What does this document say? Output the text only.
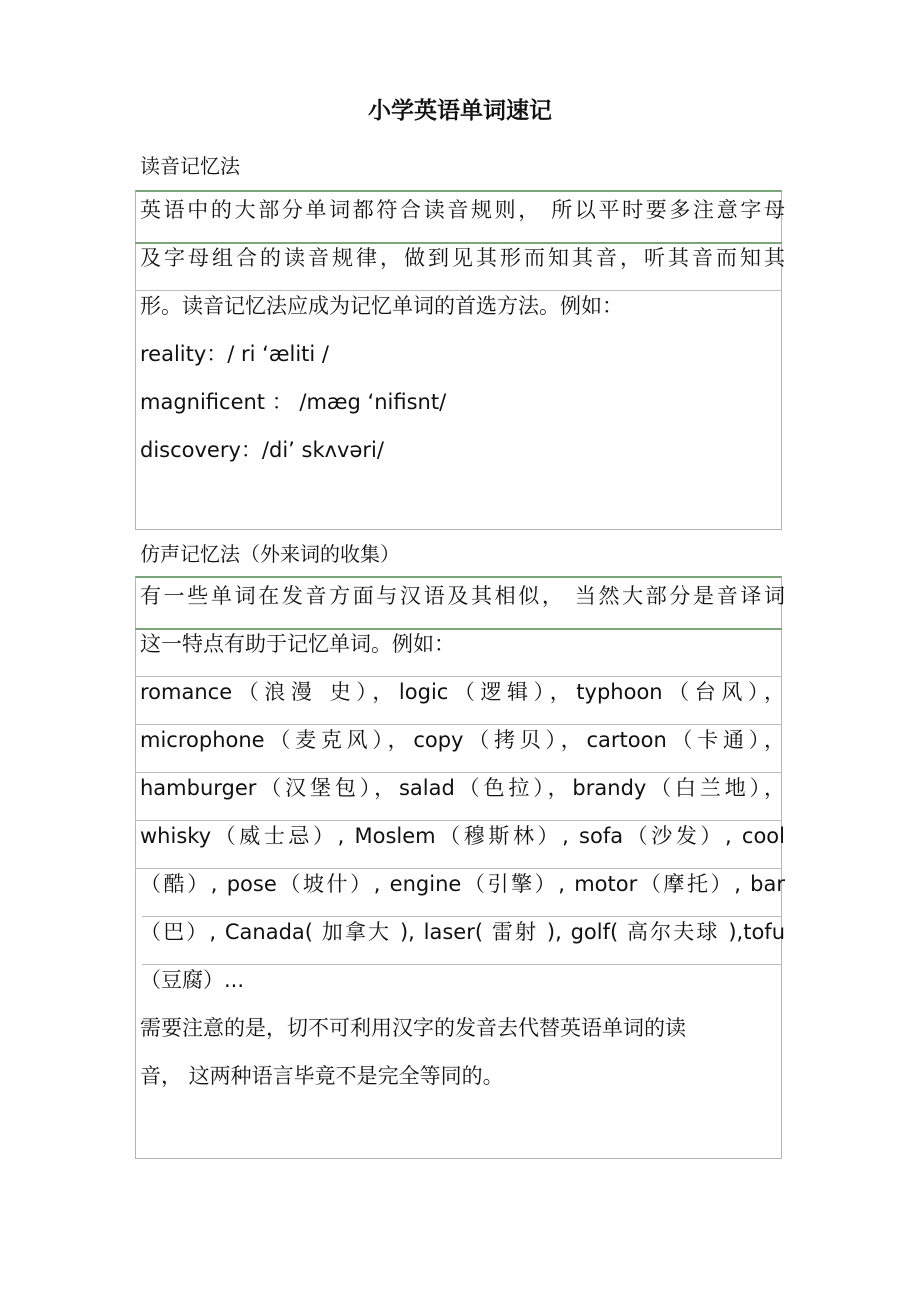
小学英语单词速记
读音记忆法

英语中的大部分单词都符合读音规则， 所以平时要多注意字母

及字母组合的读音规律，做到见其形而知其音，听其音而知其

形。读音记忆法应成为记忆单词的首选方法。例如：

reality：/ ri ‘æliti /

magnificent ： /mæg ‘nifisnt/

discovery：/di’ skʌvəri/

仿声记忆法（外来词的收集）

有一些单词在发音方面与汉语及其相似， 当然大部分是音译词

这一特点有助于记忆单词。例如：

romance（浪漫 史），logic（逻辑），typhoon（台风），

microphone（麦克风），copy（拷贝），cartoon（卡通），

hamburger（汉堡包），salad（色拉），brandy（白兰地），

whisky（威士忌）, Moslem（穆斯林）, sofa（沙发）, cool

（酷）, pose（坡什）, engine（引擎）, motor（摩托）, bar

（巴）, Canada( 加拿大 ), laser( 雷射 ), golf( 高尔夫球 ),tofu

（豆腐）...

需要注意的是，切不可利用汉字的发音去代替英语单词的读

音， 这两种语言毕竟不是完全等同的。
